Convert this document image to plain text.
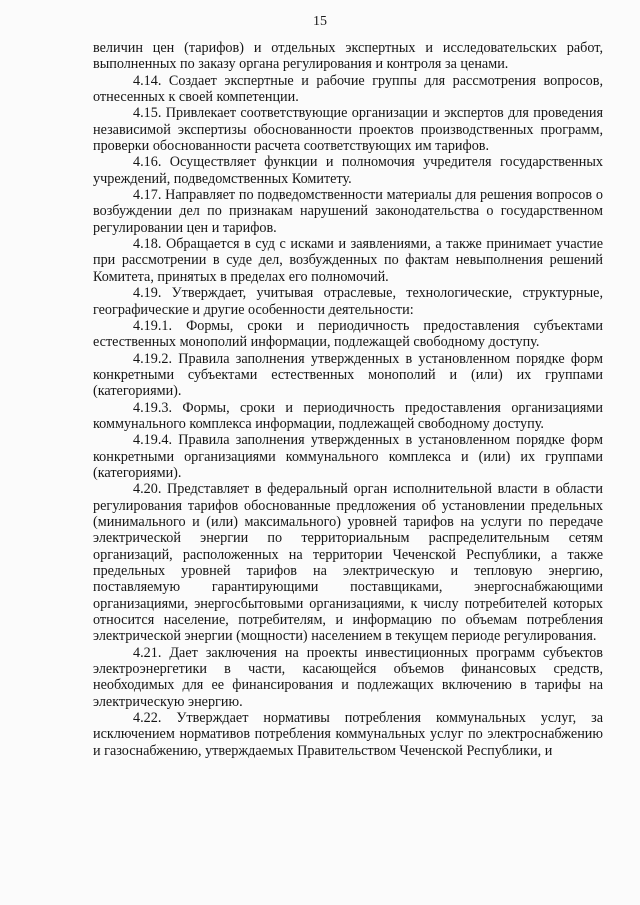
15

величин цен (тарифов) и отдельных экспертных и исследовательских работ, выполненных по заказу органа регулирования и контроля за ценами.

4.14. Создает экспертные и рабочие группы для рассмотрения вопросов, отнесенных к своей компетенции.

4.15. Привлекает соответствующие организации и экспертов для проведения независимой экспертизы обоснованности проектов производственных программ, проверки обоснованности расчета соответствующих им тарифов.

4.16. Осуществляет функции и полномочия учредителя государственных учреждений, подведомственных Комитету.

4.17. Направляет по подведомственности материалы для решения вопросов о возбуждении дел по признакам нарушений законодательства о государственном регулировании цен и тарифов.

4.18. Обращается в суд с исками и заявлениями, а также принимает участие при рассмотрении в суде дел, возбужденных по фактам невыполнения решений Комитета, принятых в пределах его полномочий.

4.19. Утверждает, учитывая отраслевые, технологические, структурные, географические и другие особенности деятельности:

4.19.1. Формы, сроки и периодичность предоставления субъектами естественных монополий информации, подлежащей свободному доступу.

4.19.2. Правила заполнения утвержденных в установленном порядке форм конкретными субъектами естественных монополий и (или) их группами (категориями).

4.19.3. Формы, сроки и периодичность предоставления организациями коммунального комплекса информации, подлежащей свободному доступу.

4.19.4. Правила заполнения утвержденных в установленном порядке форм конкретными организациями коммунального комплекса и (или) их группами (категориями).

4.20. Представляет в федеральный орган исполнительной власти в области регулирования тарифов обоснованные предложения об установлении предельных (минимального и (или) максимального) уровней тарифов на услуги по передаче электрической энергии по территориальным распределительным сетям организаций, расположенных на территории Чеченской Республики, а также предельных уровней тарифов на электрическую и тепловую энергию, поставляемую гарантирующими поставщиками, энергоснабжающими организациями, энергосбытовыми организациями, к числу потребителей которых относится население, потребителям, и информацию по объемам потребления электрической энергии (мощности) населением в текущем периоде регулирования.

4.21. Дает заключения на проекты инвестиционных программ субъектов электроэнергетики в части, касающейся объемов финансовых средств, необходимых для ее финансирования и подлежащих включению в тарифы на электрическую энергию.

4.22. Утверждает нормативы потребления коммунальных услуг, за исключением нормативов потребления коммунальных услуг по электроснабжению и газоснабжению, утверждаемых Правительством Чеченской Республики, и
